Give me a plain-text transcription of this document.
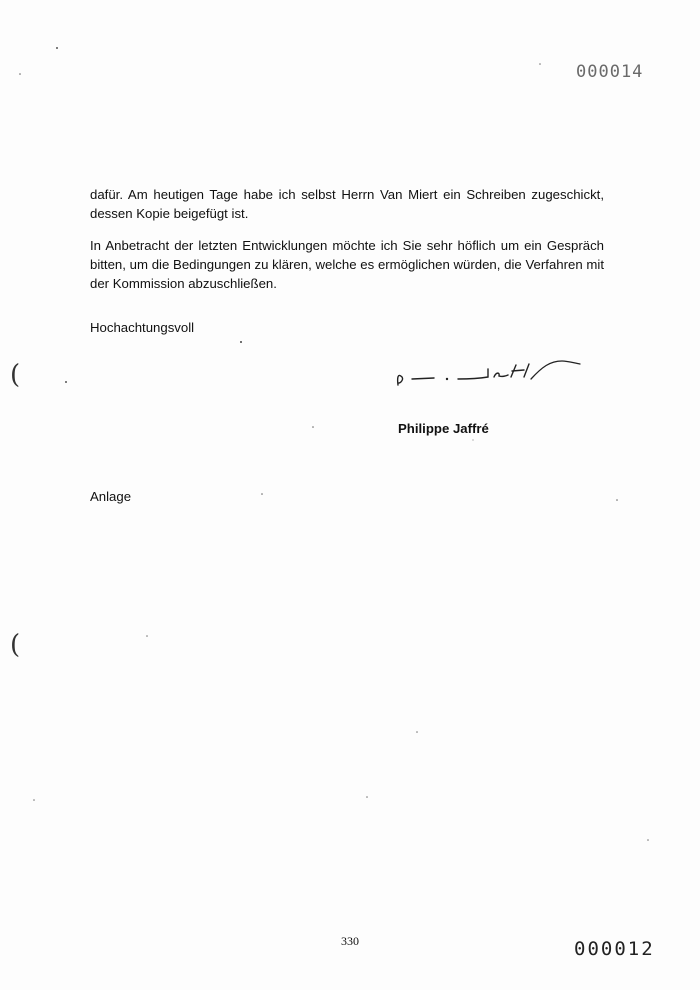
(
(
000014

dafür. Am heutigen Tage habe ich selbst Herrn Van Miert ein Schreiben zugeschickt, dessen Kopie beigefügt ist.

In Anbetracht der letzten Entwicklungen möchte ich Sie sehr höflich um ein Gespräch bitten, um die Bedingungen zu klären, welche es ermöglichen würden, die Verfahren mit der Kommission abzuschließen.

Hochachtungsvoll
Philippe Jaffré
Anlage
330	000012
